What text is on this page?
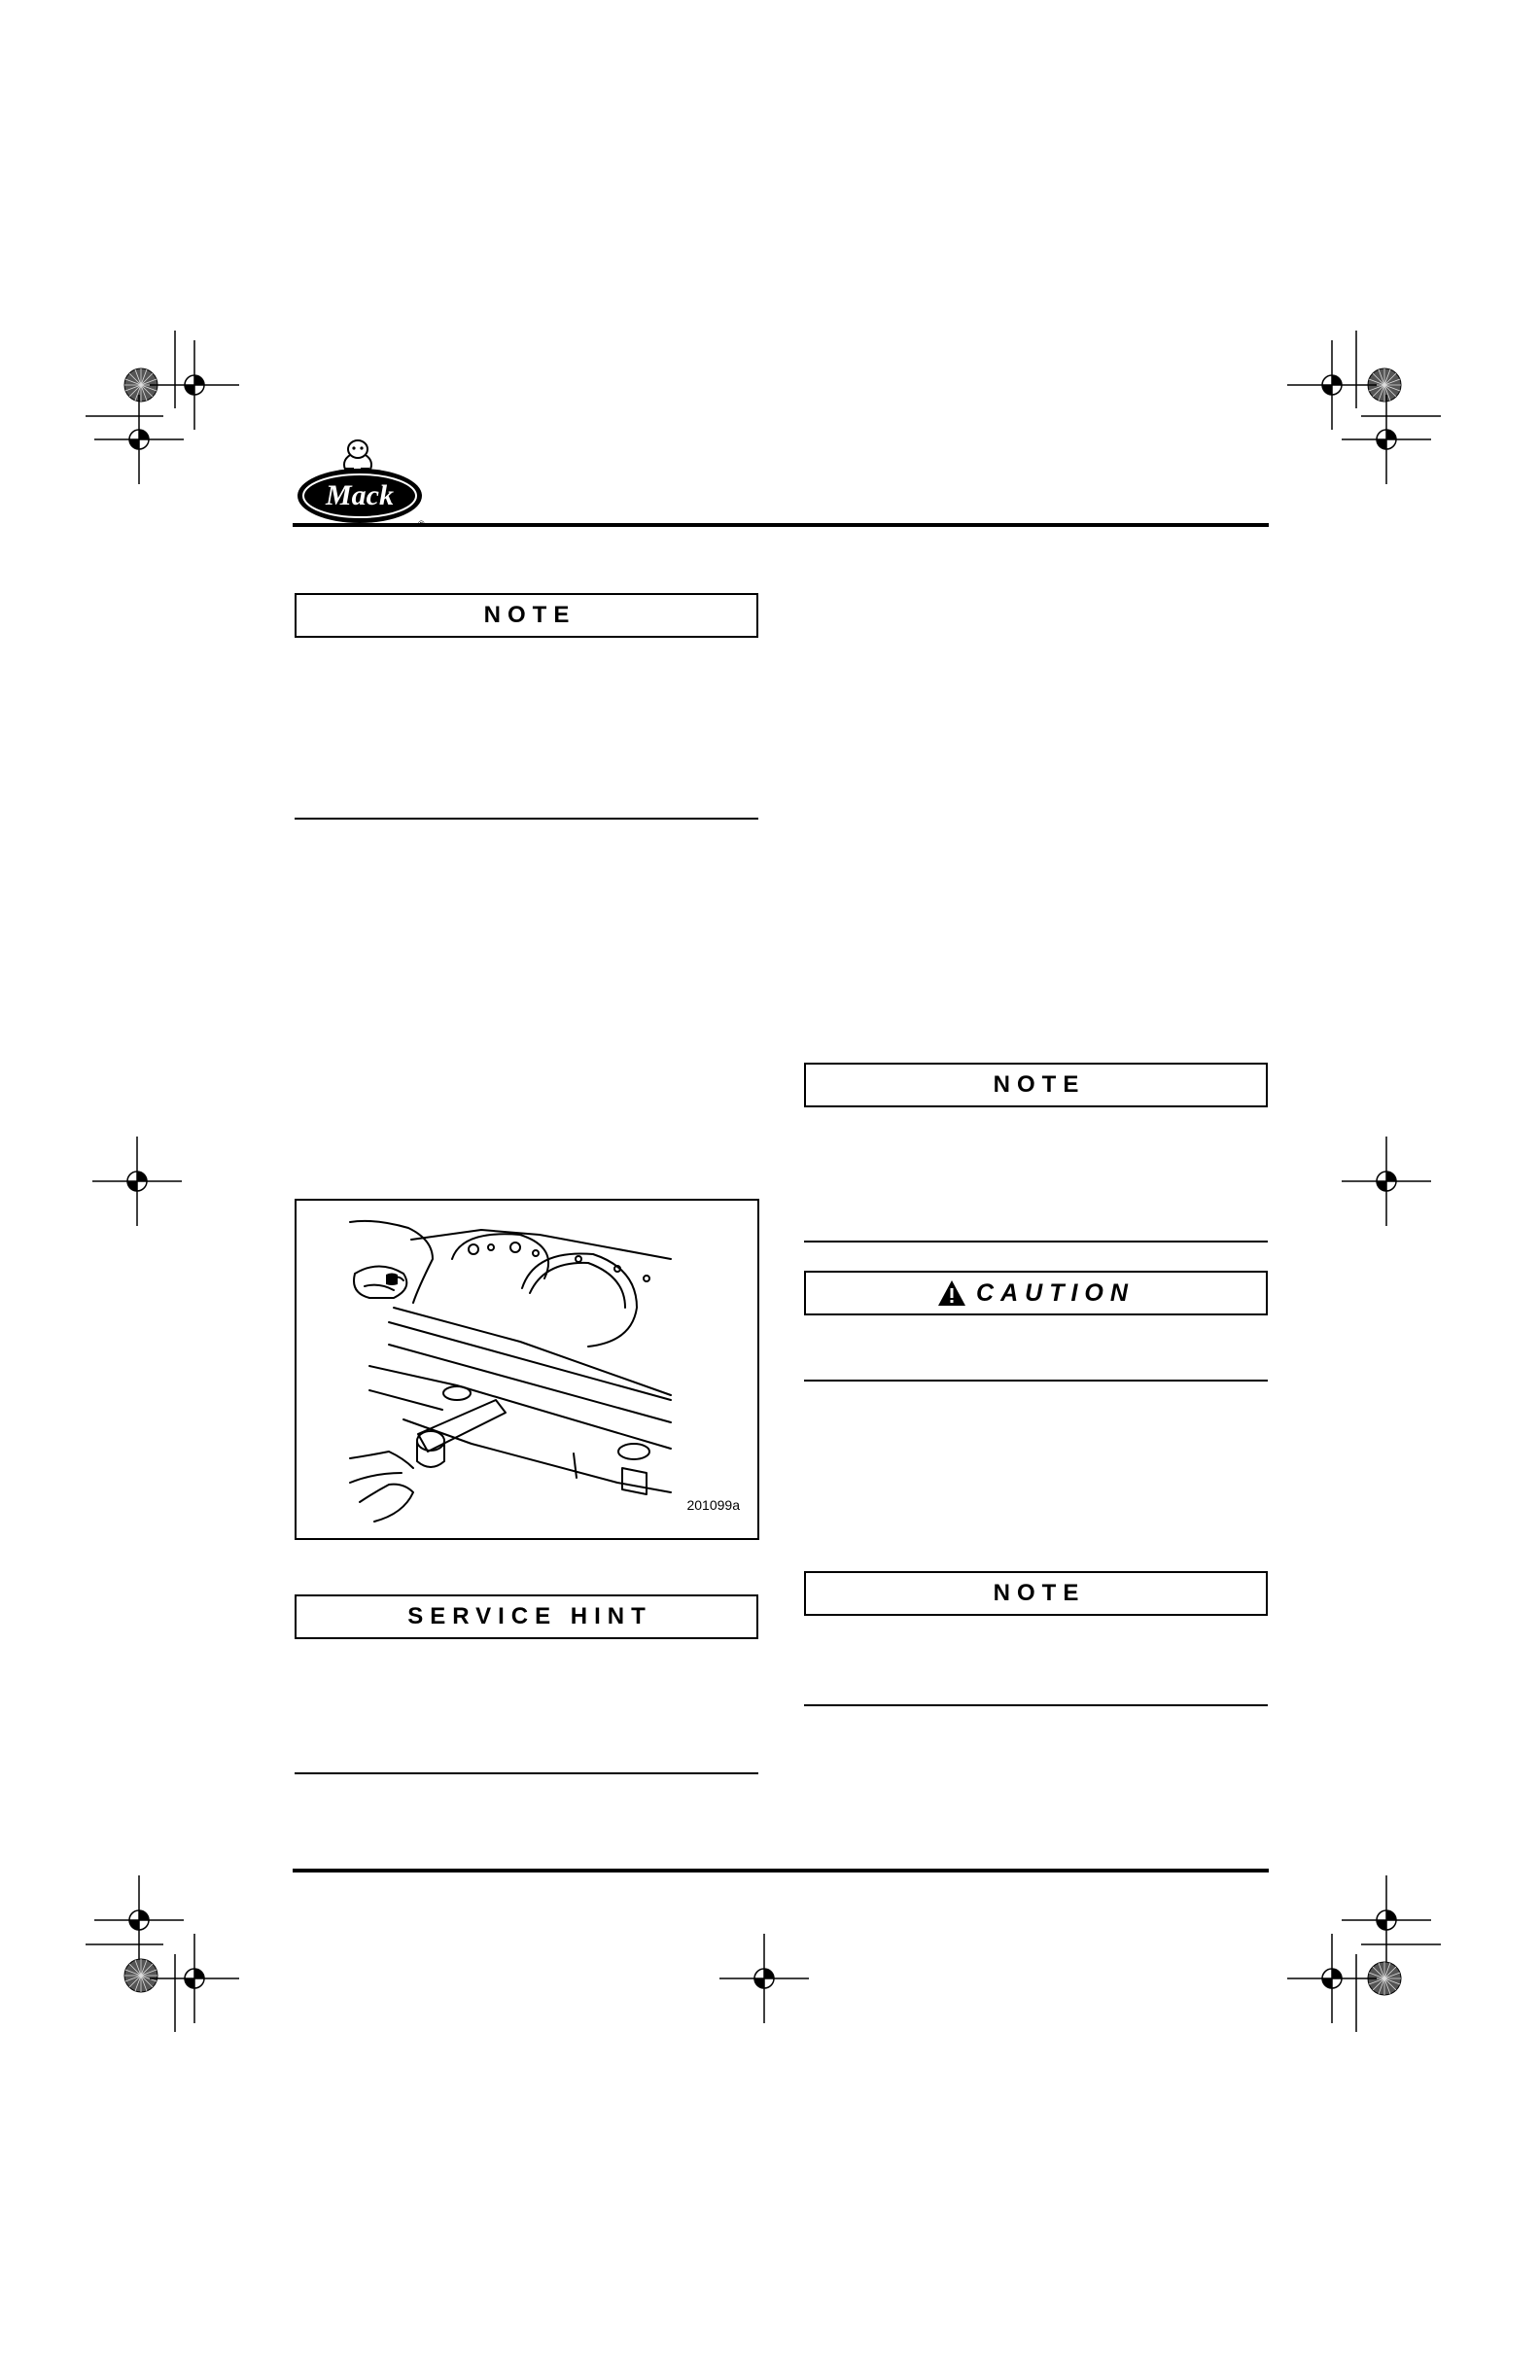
Mack
NOTE
201099a
SERVICE HINT
NOTE
CAUTION
NOTE
